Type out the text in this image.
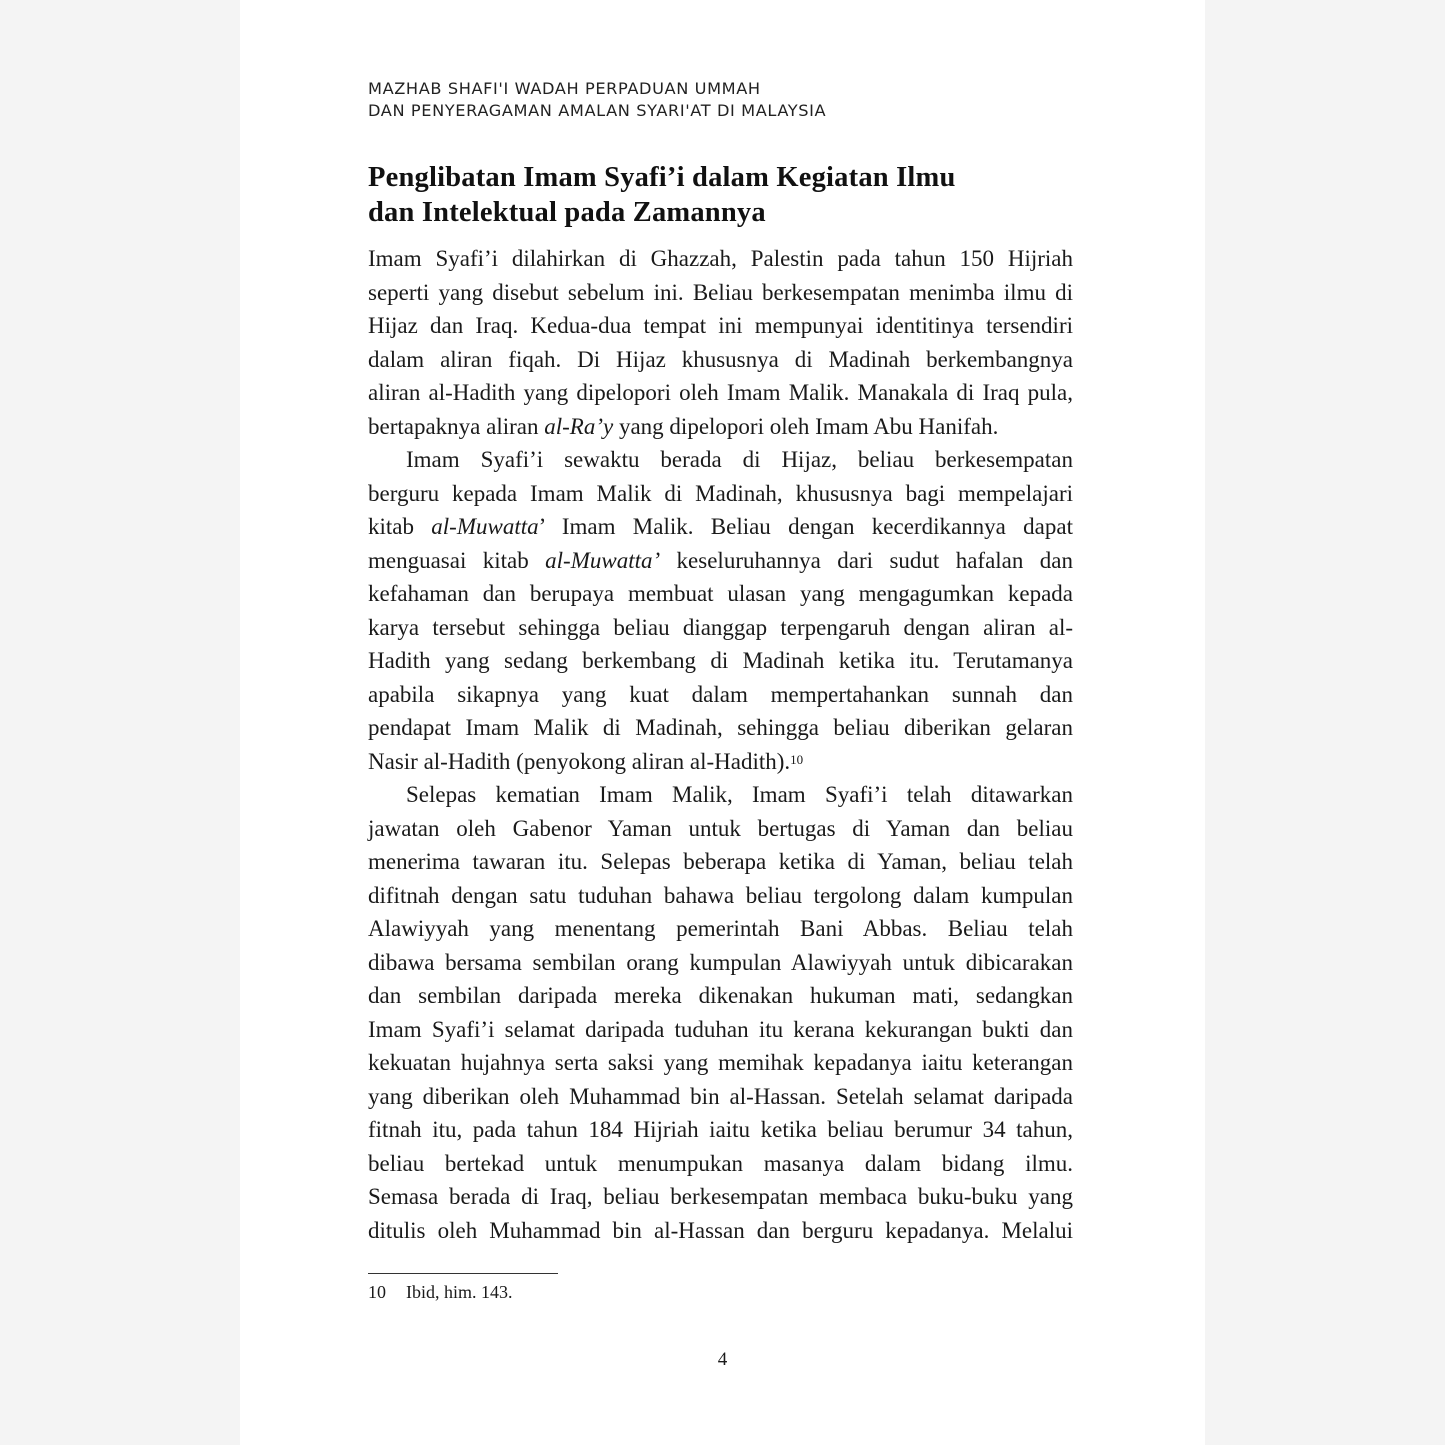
MAZHAB SHAFI'I WADAH PERPADUAN UMMAH
DAN PENYERAGAMAN AMALAN SYARI'AT DI MALAYSIA
Penglibatan Imam Syafi’i dalam Kegiatan Ilmu
dan Intelektual pada Zamannya

Imam Syafi’i dilahirkan di Ghazzah, Palestin pada tahun 150 Hijriah
seperti yang disebut sebelum ini. Beliau berkesempatan menimba ilmu di
Hijaz dan Iraq. Kedua-dua tempat ini mempunyai identitinya tersendiri
dalam aliran fiqah. Di Hijaz khususnya di Madinah berkembangnya
aliran al-Hadith yang dipelopori oleh Imam Malik. Manakala di Iraq pula,
bertapaknya aliran al-Ra’y yang dipelopori oleh Imam Abu Hanifah.

Imam Syafi’i sewaktu berada di Hijaz, beliau berkesempatan
berguru kepada Imam Malik di Madinah, khususnya bagi mempelajari
kitab al-Muwatta’ Imam Malik. Beliau dengan kecerdikannya dapat
menguasai kitab al-Muwatta’ keseluruhannya dari sudut hafalan dan
kefahaman dan berupaya membuat ulasan yang mengagumkan kepada
karya tersebut sehingga beliau dianggap terpengaruh dengan aliran al-
Hadith yang sedang berkembang di Madinah ketika itu. Terutamanya
apabila sikapnya yang kuat dalam mempertahankan sunnah dan
pendapat Imam Malik di Madinah, sehingga beliau diberikan gelaran
Nasir al-Hadith (penyokong aliran al-Hadith).$^{10}$

Selepas kematian Imam Malik, Imam Syafi’i telah ditawarkan
jawatan oleh Gabenor Yaman untuk bertugas di Yaman dan beliau
menerima tawaran itu. Selepas beberapa ketika di Yaman, beliau telah
difitnah dengan satu tuduhan bahawa beliau tergolong dalam kumpulan
Alawiyyah yang menentang pemerintah Bani Abbas. Beliau telah
dibawa bersama sembilan orang kumpulan Alawiyyah untuk dibicarakan
dan sembilan daripada mereka dikenakan hukuman mati, sedangkan
Imam Syafi’i selamat daripada tuduhan itu kerana kekurangan bukti dan
kekuatan hujahnya serta saksi yang memihak kepadanya iaitu keterangan
yang diberikan oleh Muhammad bin al-Hassan. Setelah selamat daripada
fitnah itu, pada tahun 184 Hijriah iaitu ketika beliau berumur 34 tahun,
beliau bertekad untuk menumpukan masanya dalam bidang ilmu.
Semasa berada di Iraq, beliau berkesempatan membaca buku-buku yang
ditulis oleh Muhammad bin al-Hassan dan berguru kepadanya. Melalui

10 Ibid, him. 143.
4
